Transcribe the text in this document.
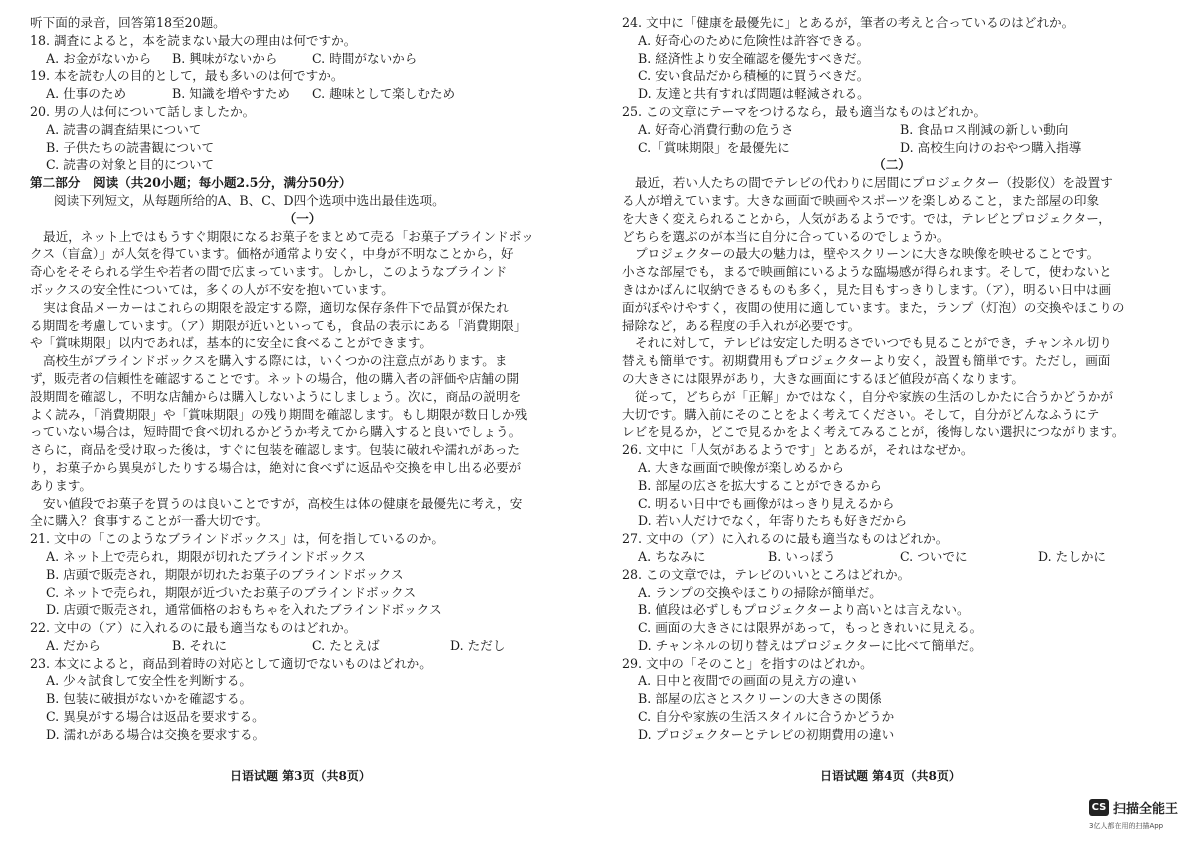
听下面的录音，回答第18至20题。
18. 調査によると，本を読まない最大の理由は何ですか。
A. お金がないから B. 興味がないから	C. 時間がないから
19. 本を読む人の目的として，最も多いのは何ですか。
A. 仕事のため	B. 知識を増やすため C. 趣味として楽しむため
20. 男の人は何について話しましたか。
A. 読書の調査結果について
B. 子供たちの読書観について
C. 読書の対象と目的について
第二部分　阅读（共20小题；每小题2.5分，满分50分）
阅读下列短文，从每题所给的A、B、C、D四个选项中选出最佳选项。
（一）
最近，ネット上ではもうすぐ期限になるお菓子をまとめて売る「お菓子ブラインドボッ
クス（盲盒）」が人気を得ています。価格が通常より安く，中身が不明なことから，好
奇心をそそられる学生や若者の間で広まっています。しかし，このようなブラインド
ボックスの安全性については，多くの人が不安を抱いています。
実は食品メーカーはこれらの期限を設定する際，適切な保存条件下で品質が保たれ
る期間を考慮しています。（ア）期限が近いといっても，食品の表示にある「消費期限」
や「賞味期限」以内であれば，基本的に安全に食べることができます。
高校生がブラインドボックスを購入する際には，いくつかの注意点があります。ま
ず，販売者の信頼性を確認することです。ネットの場合，他の購入者の評価や店舗の開
設期間を確認し，不明な店舗からは購入しないようにしましょう。次に，商品の説明を
よく読み，「消費期限」や「賞味期限」の残り期間を確認します。もし期限が数日しか残
っていない場合は，短時間で食べ切れるかどうか考えてから購入すると良いでしょう。
さらに，商品を受け取った後は，すぐに包装を確認します。包装に破れや濡れがあった
り，お菓子から異臭がしたりする場合は，絶対に食べずに返品や交換を申し出る必要が
あります。
安い値段でお菓子を買うのは良いことですが，高校生は体の健康を最優先に考え，安
全に購入？食事することが一番大切です。
21. 文中の「このようなブラインドボックス」は，何を指しているのか。
A. ネット上で売られ，期限が切れたブラインドボックス
B. 店頭で販売され，期限が切れたお菓子のブラインドボックス
C. ネットで売られ，期限が近づいたお菓子のブラインドボックス
D. 店頭で販売され，通常価格のおもちゃを入れたブラインドボックス
22. 文中の（ア）に入れるのに最も適当なものはどれか。
A. だから	B. それに	C. たとえば	D. ただし
23. 本文によると，商品到着時の対応として適切でないものはどれか。
A. 少々試食して安全性を判断する。
B. 包装に破損がないかを確認する。
C. 異臭がする場合は返品を要求する。
D. 濡れがある場合は交換を要求する。
日语试题 第3页（共8页）
24. 文中に「健康を最優先に」とあるが，筆者の考えと合っているのはどれか。
A. 好奇心のために危険性は許容できる。
B. 経済性より安全確認を優先すべきだ。
C. 安い食品だから積極的に買うべきだ。
D. 友達と共有すれば問題は軽減される。
25. この文章にテーマをつけるなら，最も適当なものはどれか。
A. 好奇心消費行動の危うさ	B. 食品ロス削減の新しい動向
C.「賞味期限」を最優先に	D. 高校生向けのおやつ購入指導
（二）
最近，若い人たちの間でテレビの代わりに居間にプロジェクター（投影仪）を設置す
る人が増えています。大きな画面で映画やスポーツを楽しめること，また部屋の印象
を大きく変えられることから，人気があるようです。では，テレビとプロジェクター，
どちらを選ぶのが本当に自分に合っているのでしょうか。
プロジェクターの最大の魅力は，壁やスクリーンに大きな映像を映せることです。
小さな部屋でも，まるで映画館にいるような臨場感が得られます。そして，使わないと
きはかばんに収納できるものも多く，見た目もすっきりします。（ア），明るい日中は画
面がぼやけやすく，夜間の使用に適しています。また，ランプ（灯泡）の交換やほこりの
掃除など，ある程度の手入れが必要です。
それに対して，テレビは安定した明るさでいつでも見ることができ，チャンネル切り
替えも簡単です。初期費用もプロジェクターより安く，設置も簡単です。ただし，画面
の大きさには限界があり，大きな画面にするほど値段が高くなります。
従って，どちらが「正解」かではなく，自分や家族の生活のしかたに合うかどうかが
大切です。購入前にそのことをよく考えてください。そして，自分がどんなふうにテ
レビを見るか，どこで見るかをよく考えてみることが，後悔しない選択につながります。
26. 文中に「人気があるようです」とあるが，それはなぜか。
A. 大きな画面で映像が楽しめるから
B. 部屋の広さを拡大することができるから
C. 明るい日中でも画像がはっきり見えるから
D. 若い人だけでなく，年寄りたちも好きだから
27. 文中の（ア）に入れるのに最も適当なものはどれか。
A. ちなみに	B. いっぽう	C. ついでに	D. たしかに
28. この文章では，テレビのいいところはどれか。
A. ランプの交換やほこりの掃除が簡単だ。
B. 値段は必ずしもプロジェクターより高いとは言えない。
C. 画面の大きさには限界があって，もっときれいに見える。
D. チャンネルの切り替えはプロジェクターに比べて簡単だ。
29. 文中の「そのこと」を指すのはどれか。
A. 日中と夜間での画面の見え方の違い
B. 部屋の広さとスクリーンの大きさの関係
C. 自分や家族の生活スタイルに合うかどうか
D. プロジェクターとテレビの初期費用の違い
日语试题 第4页（共8页）
CS 扫描全能王
3亿人都在用的扫描App
